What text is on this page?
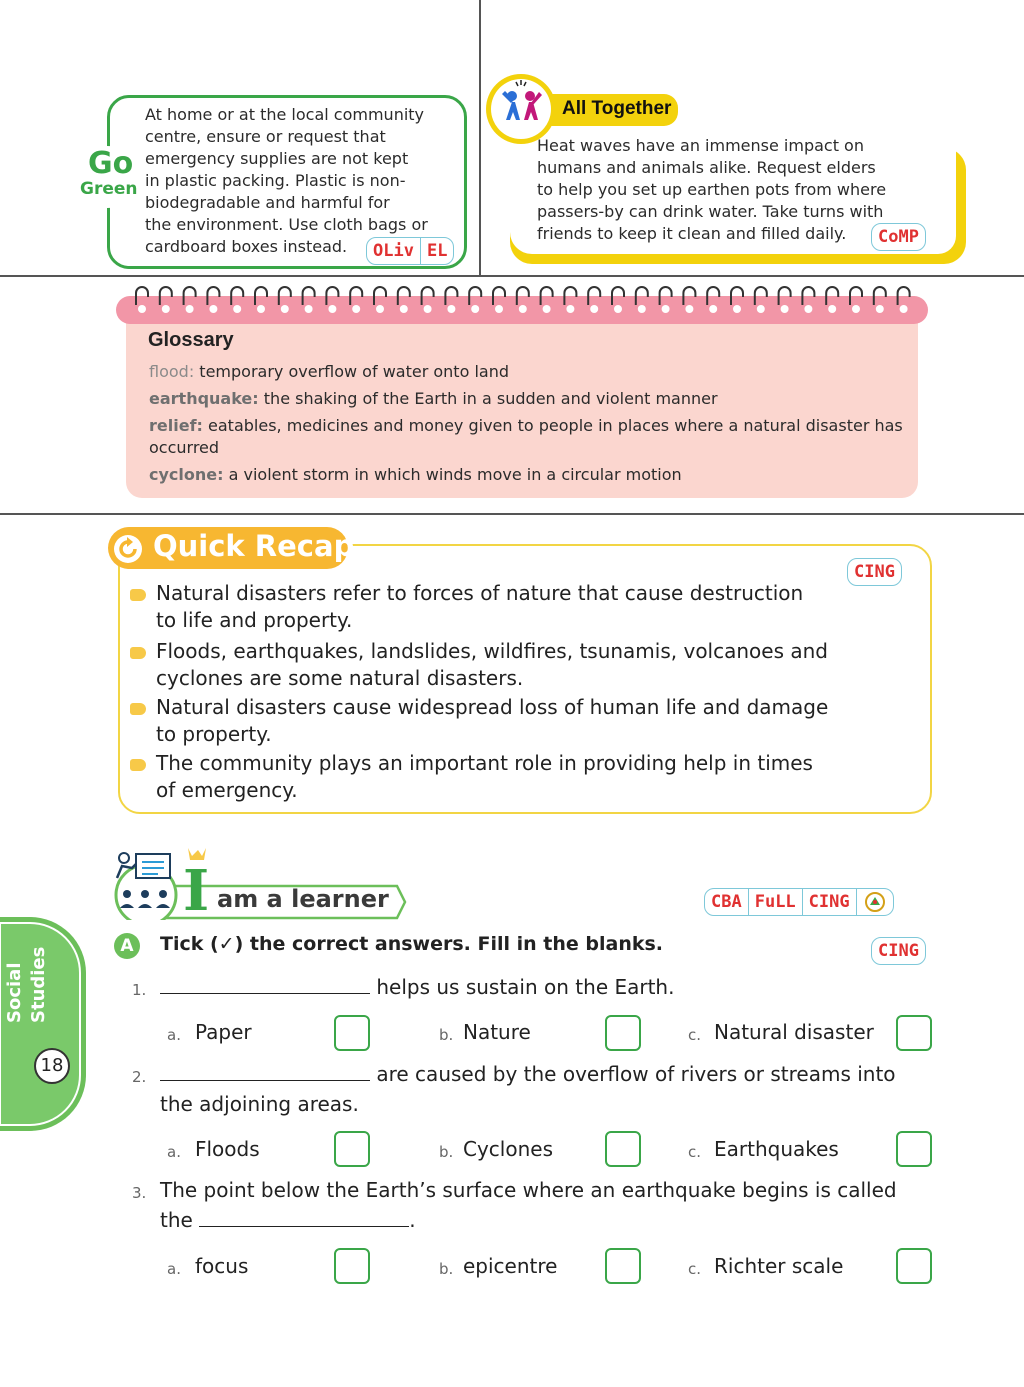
Go
Green

At home or at the local community
centre, ensure or request that
emergency supplies are not kept
in plastic packing. Plastic is non-
biodegradable and harmful for
the environment. Use cloth bags or
cardboard boxes instead.	OLiv EL
All Together

Heat waves have an immense impact on
humans and animals alike. Request elders
to help you set up earthen pots from where
passers-by can drink water. Take turns with
friends to keep it clean and filled daily.	CoMP
Glossary

flood: temporary overflow of water onto land

earthquake: the shaking of the Earth in a sudden and violent manner

relief: eatables, medicines and money given to people in places where a natural disaster has occurred

cyclone: a violent storm in which winds move in a circular motion

Quick Recap
CING

Natural disasters refer to forces of nature that cause destruction
to life and property.

Floods, earthquakes, landslides, wildfires, tsunamis, volcanoes and
cyclones are some natural disasters.

Natural disasters cause widespread loss of human life and damage
to property.

The community plays an important role in providing help in times
of emergency.

I am a learner	CBA FuLL CING
Social Studies
18
A	Tick (✓) the correct answers. Fill in the blanks.	CING
1.	helps us sustain on the Earth.
a. Paper	b. Nature	c. Natural disaster
2.	are caused by the overflow of rivers or streams into
the adjoining areas.
a. Floods	b. Cyclones	c. Earthquakes
3. The point below the Earth’s surface where an earthquake begins is called
the	.
a. focus	b. epicentre	c. Richter scale
